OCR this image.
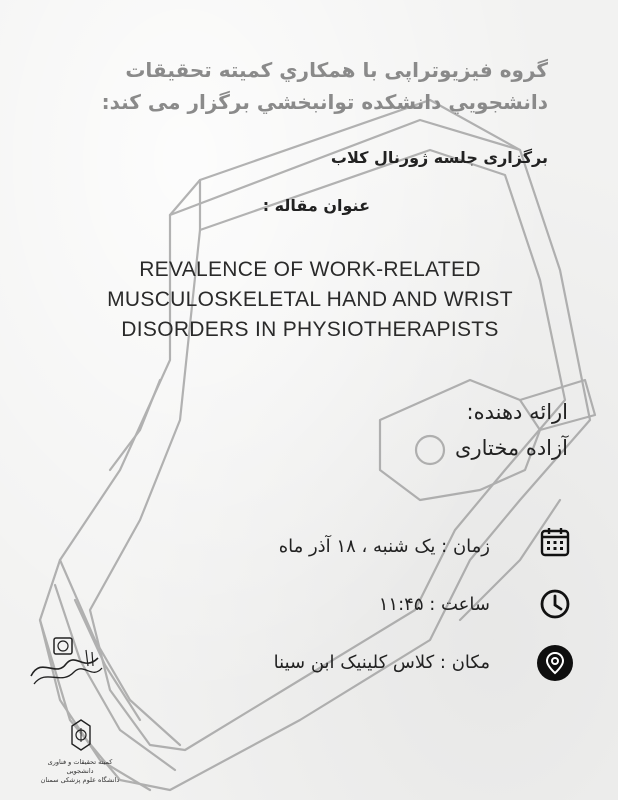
گروه فيزيوتراپی با همکاري کميته تحقيقات
دانشجويي دانشکده توانبخشي برگزار می کند:
برگزاری جلسه ژورنال کلاب
عنوان مقاله :
REVALENCE OF WORK-RELATED
MUSCULOSKELETAL HAND AND WRIST
DISORDERS IN PHYSIOTHERAPISTS
ارائه دهنده:
آزاده مختاری
زمان : یک شنبه ، ۱۸ آذر ماه
ساعت : ۱۱:۴۵
مکان : کلاس کلینیک ابن سینا
کمیته تحقیقات و فناوری دانشجویی
دانشگاه علوم پزشکی سمنان
